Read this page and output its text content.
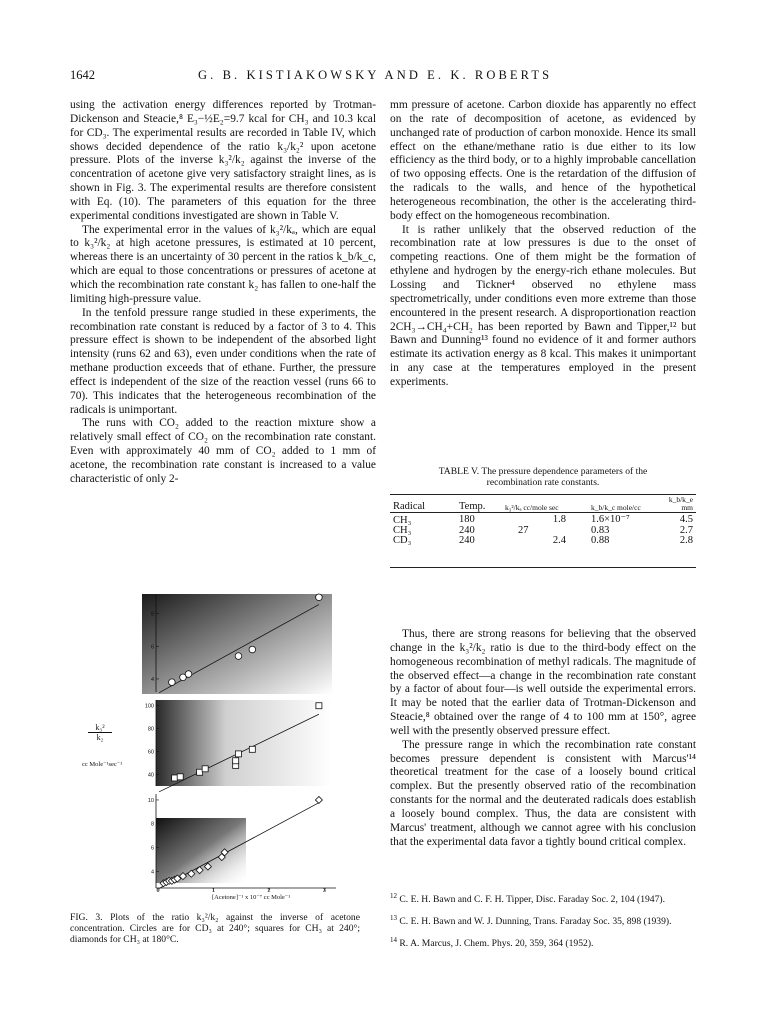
1642	G. B. KISTIAKOWSKY AND E. K. ROBERTS

using the activation energy differences reported by Trotman-Dickenson and Steacie,⁸ E₃−½E₂=9.7 kcal for CH₃ and 10.3 kcal for CD₃. The experimental results are recorded in Table IV, which shows decided dependence of the ratio k₃/k₂² upon acetone pressure. Plots of the inverse k₃²/k₂ against the inverse of the concentration of acetone give very satisfactory straight lines, as is shown in Fig. 3. The experimental results are therefore consistent with Eq. (10). The parameters of this equation for the three experimental conditions investigated are shown in Table V.

The experimental error in the values of k₃²/kₐ, which are equal to k₃²/k₂ at high acetone pressures, is estimated at 10 percent, whereas there is an uncertainty of 30 percent in the ratios k_b/k_c, which are equal to those concentrations or pressures of acetone at which the recombination rate constant k₂ has fallen to one-half the limiting high-pressure value.

In the tenfold pressure range studied in these experiments, the recombination rate constant is reduced by a factor of 3 to 4. This pressure effect is shown to be independent of the absorbed light intensity (runs 62 and 63), even under conditions when the rate of methane production exceeds that of ethane. Further, the pressure effect is independent of the size of the reaction vessel (runs 66 to 70). This indicates that the heterogeneous recombination of the radicals is unimportant.

The runs with CO₂ added to the reaction mixture show a relatively small effect of CO₂ on the recombination rate constant. Even with approximately 40 mm of CO₂ added to 1 mm of acetone, the recombination rate constant is increased to a value characteristic of only 2-

mm pressure of acetone. Carbon dioxide has apparently no effect on the rate of decomposition of acetone, as evidenced by unchanged rate of production of carbon monoxide. Hence its small effect on the ethane/methane ratio is due either to its low efficiency as the third body, or to a highly improbable cancellation of two opposing effects. One is the retardation of the diffusion of the radicals to the walls, and hence of the hypothetical heterogeneous recombination, the other is the accelerating third-body effect on the homogeneous recombination.

It is rather unlikely that the observed reduction of the recombination rate at low pressures is due to the onset of competing reactions. One of them might be the formation of ethylene and hydrogen by the energy-rich ethane molecules. But Lossing and Tickner⁴ observed no ethylene mass spectrometrically, under conditions even more extreme than those encountered in the present research. A disproportionation reaction 2CH₃→CH₄+CH₂ has been reported by Bawn and Tipper,¹² but Bawn and Dunning¹³ found no evidence of it and former authors estimate its activation energy as 8 kcal. This makes it unimportant in any case at the temperatures employed in the present experiments.

TABLE V. The pressure dependence parameters of the
recombination rate constants.
Radical	Temp.	k₃²/kₐ cc/mole sec	k_b/k_c mole/cc	k_b/k_e mm
CH₃	180	1.8	1.6×10⁻⁷	4.5
CH₃	240	27	0.83	2.7
CD₃	240	2.4	0.88	2.8

Thus, there are strong reasons for believing that the observed change in the k₃²/k₂ ratio is due to the third-body effect on the homogeneous recombination of methyl radicals. The magnitude of the observed effect—a change in the recombination rate constant by a factor of about four—is well outside the experimental errors. It may be noted that the earlier data of Trotman-Dickenson and Steacie,⁸ obtained over the range of 4 to 100 mm at 150°, agree well with the presently observed pressure effect.

The pressure range in which the recombination rate constant becomes pressure dependent is consistent with Marcus'¹⁴ theoretical treatment for the case of a loosely bound critical complex. But the presently observed ratio of the recombination constants for the normal and the deuterated radicals does establish a loosely bound complex. Thus, the data are consistent with Marcus' treatment, although we cannot agree with his conclusion that the experimental data favor a tightly bound critical complex.

$^{12}$ C. E. H. Bawn and C. F. H. Tipper, Disc. Faraday Soc. 2, 104 (1947).
$^{13}$ C. E. H. Bawn and W. J. Dunning, Trans. Faraday Soc. 35, 898 (1939).
$^{14}$ R. A. Marcus, J. Chem. Phys. 20, 359, 364 (1952).
8
6
4
100
80
60
40
10
8
6
4
0	1	2	3
k₃²
k₂
cc Mole⁻¹sec⁻¹
[Acetone]⁻¹ x 10⁻⁷ cc Mole⁻¹
FIG. 3. Plots of the ratio k₃²/k₂ against the inverse of acetone concentration. Circles are for CD₃ at 240°; squares for CH₃ at 240°; diamonds for CH₃ at 180°C.
